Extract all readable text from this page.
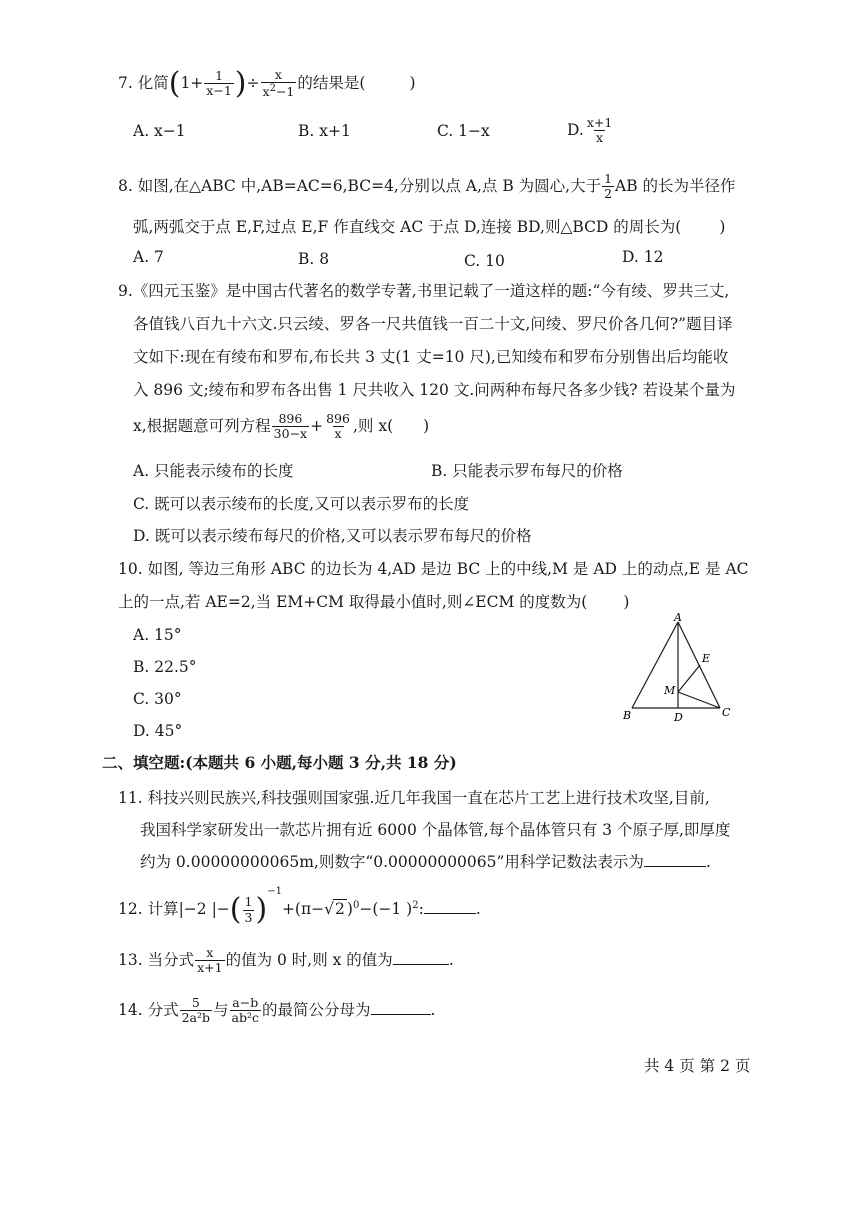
7. 化简($1+ \frac{1}{x-1}$ )÷ $\frac{x}{x^2-1}$ 的结果是(	)
A. x−1	B. x+1	C. 1−x	D. $\frac{x+1}{x}$
8. 如图,在△ABC 中,AB=AC=6,BC=4,分别以点 A,点 B 为圆心,大于 $\frac{1}{2}$ AB 的长为半径作
弧,两弧交于点 E,F,过点 E,F 作直线交 AC 于点 D,连接 BD,则△BCD 的周长为( )
A. 7	B. 8	C. 10	D. 12
9.《四元玉鉴》是中国古代著名的数学专著,书里记载了一道这样的题:“今有绫、罗共三丈,
各值钱八百九十六文.只云绫、罗各一尺共值钱一百二十文,问绫、罗尺价各几何?”题目译
文如下:现在有绫布和罗布,布长共 3 丈(1 丈=10 尺),已知绫布和罗布分别售出后均能收
入 896 文;绫布和罗布各出售 1 尺共收入 120 文.问两种布每尺各多少钱? 若设某个量为
x,根据题意可列方程 $\frac{896}{30-x} + \frac{896}{x}$ ,则 x( )
A. 只能表示绫布的长度	B. 只能表示罗布每尺的价格
C. 既可以表示绫布的长度,又可以表示罗布的长度
D. 既可以表示绫布每尺的价格,又可以表示罗布每尺的价格
10. 如图, 等边三角形 ABC 的边长为 4,AD 是边 BC 上的中线,M 是 AD 上的动点,E 是 AC
上的一点,若 AE=2,当 EM+CM 取得最小值时,则∠ECM 的度数为( )
A. 15°
B. 22.5°
C. 30°
D. 45°
A
B	C
D
E
M
二、填空题:(本题共 6 小题,每小题 3 分,共 18 分)
11. 科技兴则民族兴,科技强则国家强.近几年我国一直在芯片工艺上进行技术攻坚,目前,
我国科学家研发出一款芯片拥有近 6000 个晶体管,每个晶体管只有 3 个原子厚,即厚度
约为 0.00000000065m,则数字“0.00000000065”用科学记数法表示为	.
12. 计算|−2 |−( $\frac{1}{3} )^{-1}+(\pi-√2$ )$^0$−(−1 )$^2$:	.
13. 当分式 $\frac{x}{x+1}$ 的值为 0 时,则 x 的值为	.
14. 分式 $\frac{5}{\text{2a²b}}$ 与 $\frac{a-b}{\text{ab²c}}$ 的最简公分母为	.
共 4 页 第 2 页
